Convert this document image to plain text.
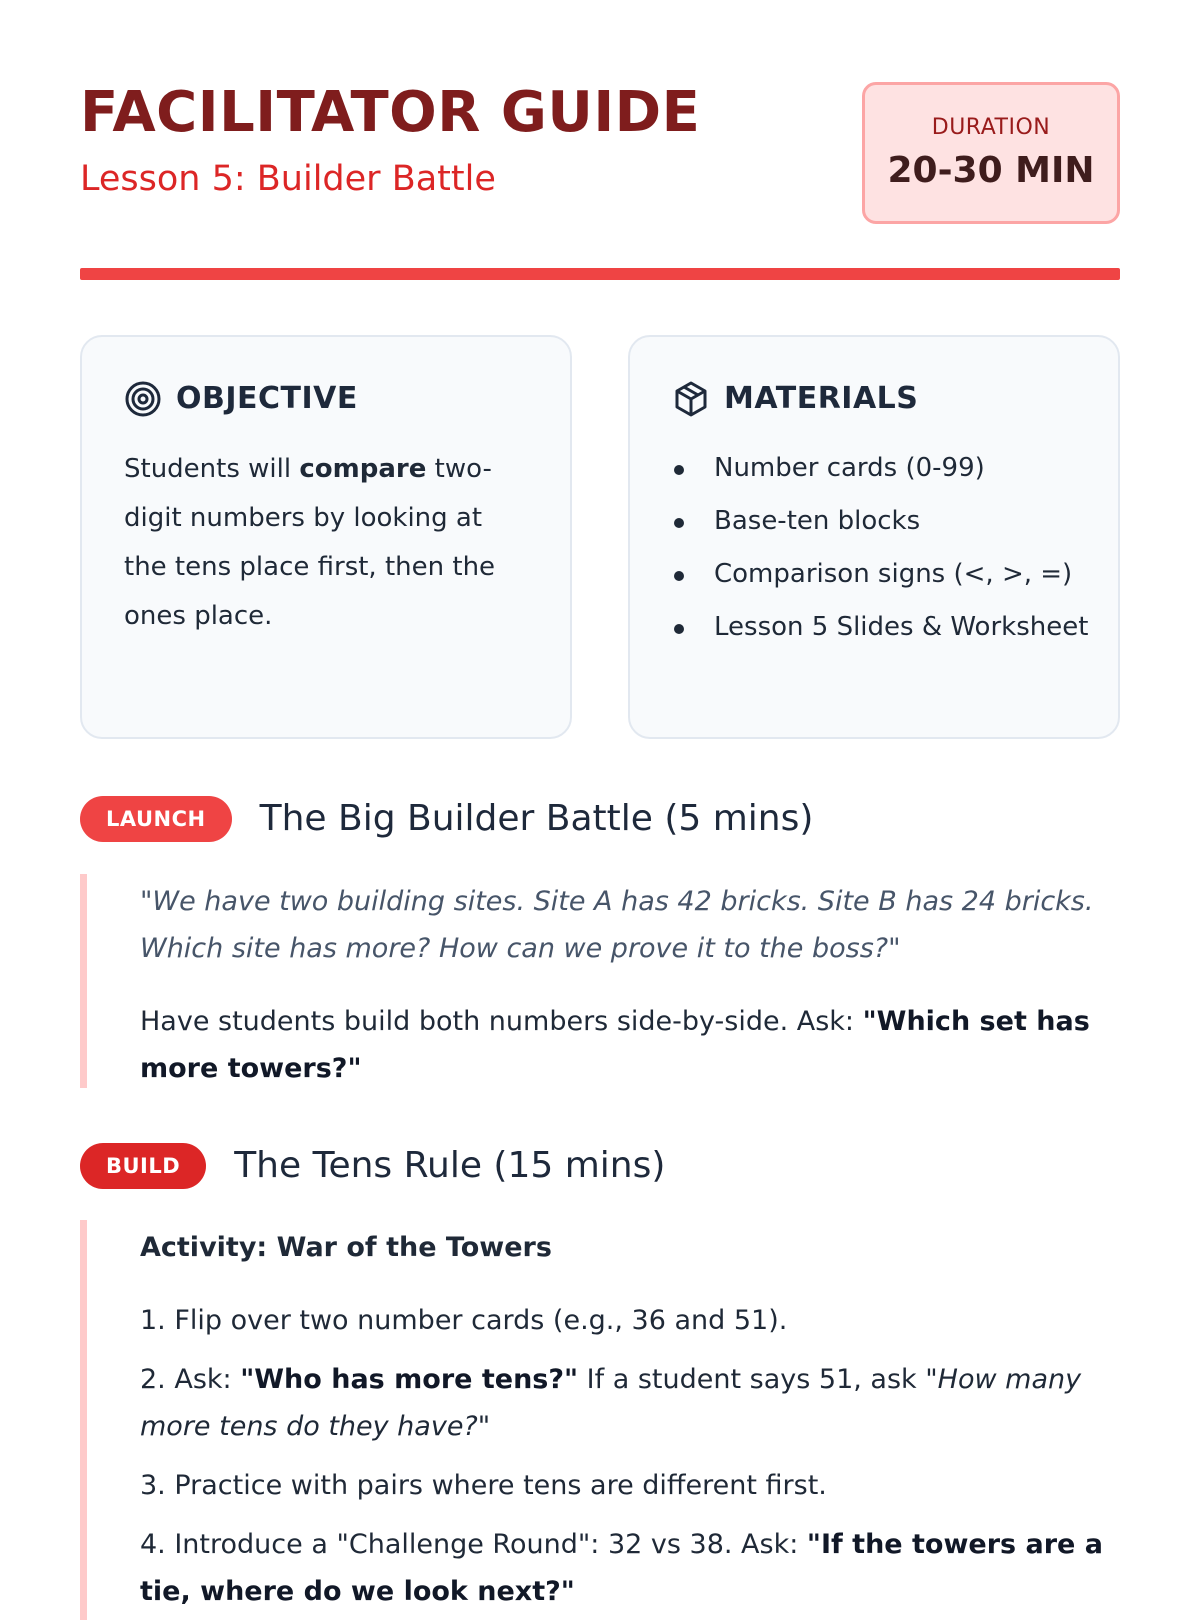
FACILITATOR GUIDE
Lesson 5: Builder Battle
DURATION
20-30 MIN
OBJECTIVE
Students will compare two-digit numbers by looking at the tens place first, then the ones place.
MATERIALS
Number cards (0-99)
Base-ten blocks
Comparison signs (<, >, =)
Lesson 5 Slides & Worksheet
LAUNCH	The Big Builder Battle (5 mins)

"We have two building sites. Site A has 42 bricks. Site B has 24 bricks. Which site has more? How can we prove it to the boss?"

Have students build both numbers side-by-side. Ask: "Which set has more towers?"

BUILD	The Tens Rule (15 mins)

Activity: War of the Towers

1. Flip over two number cards (e.g., 36 and 51).

2. Ask: "Who has more tens?" If a student says 51, ask "How many more tens do they have?"

3. Practice with pairs where tens are different first.

4. Introduce a "Challenge Round": 32 vs 38. Ask: "If the towers are a tie, where do we look next?"
